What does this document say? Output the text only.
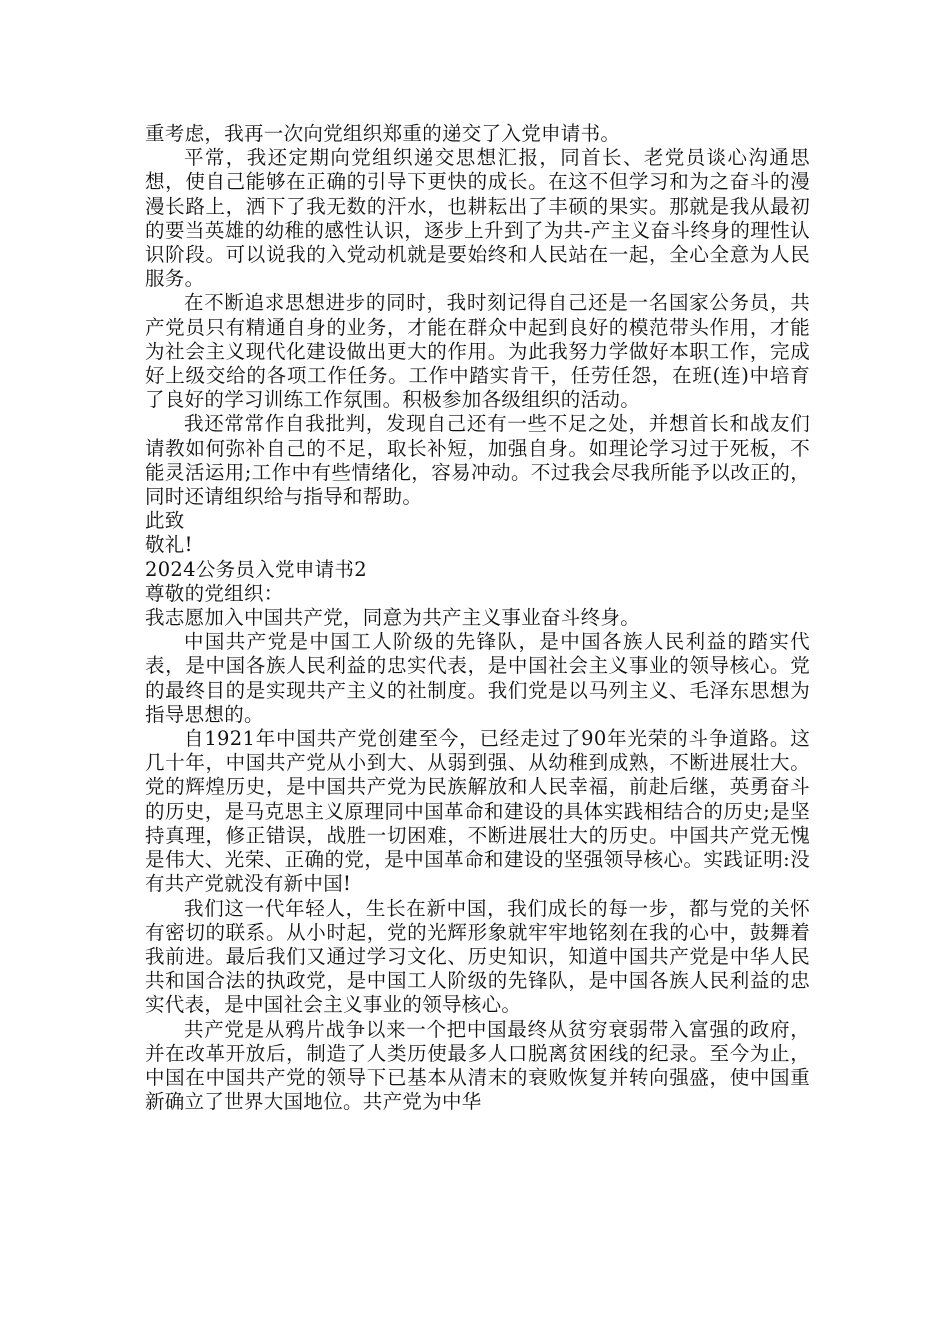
重考虑，我再一次向党组织郑重的递交了入党申请书。

平常，我还定期向党组织递交思想汇报，同首长、老党员谈心沟通思想，使自己能够在正确的引导下更快的成长。在这不但学习和为之奋斗的漫漫长路上，洒下了我无数的汗水，也耕耘出了丰硕的果实。那就是我从最初的要当英雄的幼稚的感性认识，逐步上升到了为共-产主义奋斗终身的理性认识阶段。可以说我的入党动机就是要始终和人民站在一起，全心全意为人民服务。

在不断追求思想进步的同时，我时刻记得自己还是一名国家公务员，共产党员只有精通自身的业务，才能在群众中起到良好的模范带头作用，才能为社会主义现代化建设做出更大的作用。为此我努力学做好本职工作，完成好上级交给的各项工作任务。工作中踏实肯干，任劳任怨，在班(连)中培育了良好的学习训练工作氛围。积极参加各级组织的活动。

我还常常作自我批判，发现自己还有一些不足之处，并想首长和战友们请教如何弥补自己的不足，取长补短，加强自身。如理论学习过于死板，不能灵活运用;工作中有些情绪化，容易冲动。不过我会尽我所能予以改正的，同时还请组织给与指导和帮助。

此致

敬礼!

2024公务员入党申请书2

尊敬的党组织：

我志愿加入中国共产党，同意为共产主义事业奋斗终身。

中国共产党是中国工人阶级的先锋队，是中国各族人民利益的踏实代表，是中国各族人民利益的忠实代表，是中国社会主义事业的领导核心。党的最终目的是实现共产主义的社制度。我们党是以马列主义、毛泽东思想为指导思想的。

自1921年中国共产党创建至今，已经走过了90年光荣的斗争道路。这几十年，中国共产党从小到大、从弱到强、从幼稚到成熟，不断进展壮大。党的辉煌历史，是中国共产党为民族解放和人民幸福，前赴后继，英勇奋斗的历史，是马克思主义原理同中国革命和建设的具体实践相结合的历史;是坚持真理，修正错误，战胜一切困难，不断进展壮大的历史。中国共产党无愧是伟大、光荣、正确的党，是中国革命和建设的坚强领导核心。实践证明:没有共产党就没有新中国!

我们这一代年轻人，生长在新中国，我们成长的每一步，都与党的关怀有密切的联系。从小时起，党的光辉形象就牢牢地铭刻在我的心中，鼓舞着我前进。最后我们又通过学习文化、历史知识，知道中国共产党是中华人民共和国合法的执政党，是中国工人阶级的先锋队，是中国各族人民利益的忠实代表，是中国社会主义事业的领导核心。

共产党是从鸦片战争以来一个把中国最终从贫穷衰弱带入富强的政府，并在改革开放后，制造了人类历使最多人口脱离贫困线的纪录。至今为止，中国在中国共产党的领导下已基本从清末的衰败恢复并转向强盛，使中国重新确立了世界大国地位。共产党为中华
